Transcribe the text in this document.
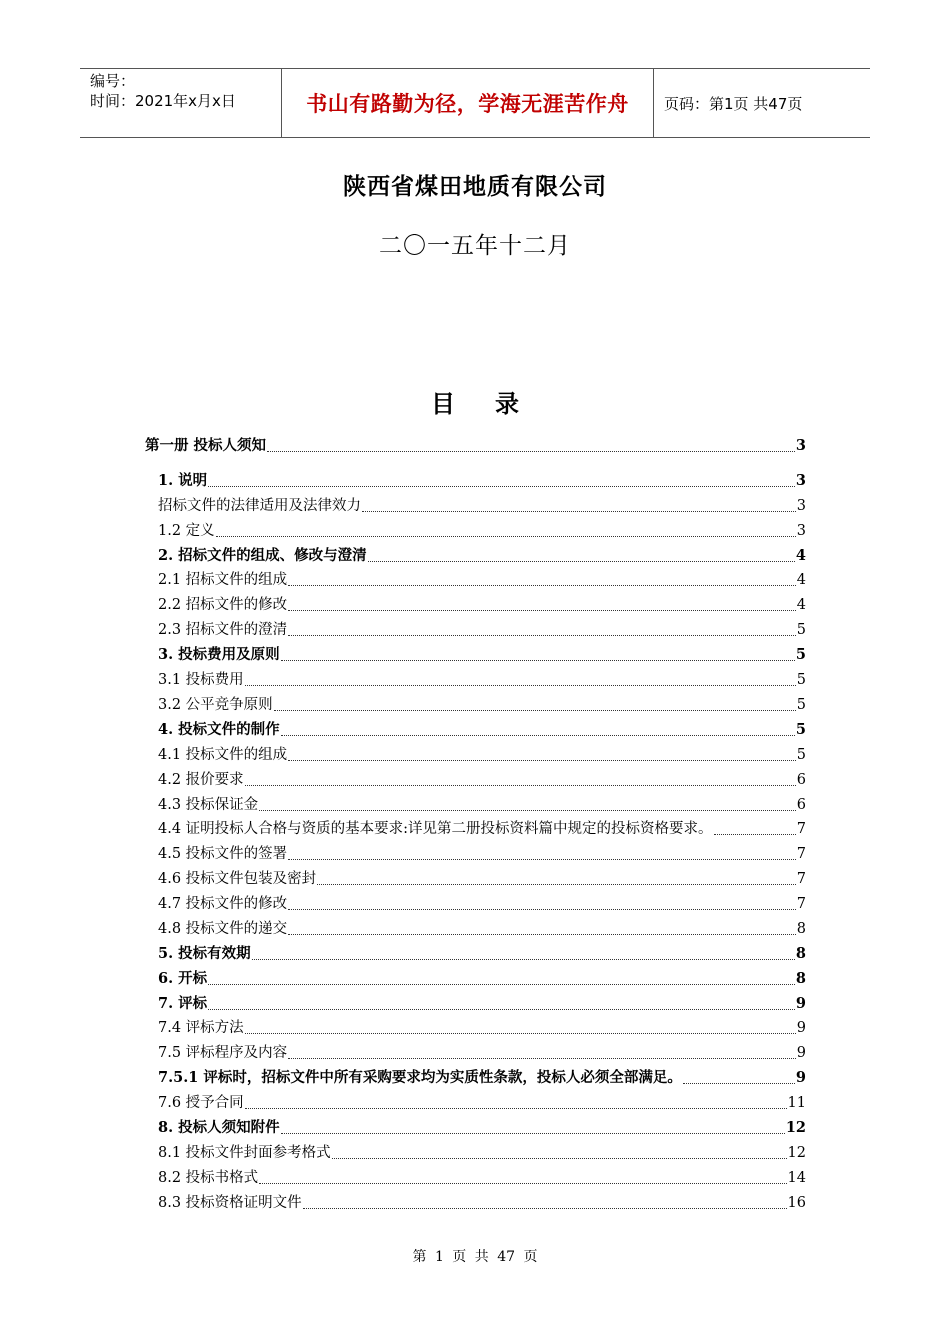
编号：
时间：2021年x月x日	书山有路勤为径，学海无涯苦作舟	页码：第1页 共47页
陕西省煤田地质有限公司
二〇一五年十二月
目录
第一册 投标人须知	3
1. 说明	3
招标文件的法律适用及法律效力	3
1.2 定义	3
2. 招标文件的组成、修改与澄清	4
2.1 招标文件的组成	4
2.2 招标文件的修改	4
2.3 招标文件的澄清	5
3. 投标费用及原则	5
3.1 投标费用	5
3.2 公平竞争原则	5
4. 投标文件的制作	5
4.1 投标文件的组成	5
4.2 报价要求	6
4.3 投标保证金	6
4.4 证明投标人合格与资质的基本要求:详见第二册投标资料篇中规定的投标资格要求。	7
4.5 投标文件的签署	7
4.6 投标文件包装及密封	7
4.7 投标文件的修改	7
4.8 投标文件的递交	8
5. 投标有效期	8
6. 开标	8
7. 评标	9
7.4 评标方法	9
7.5 评标程序及内容	9
7.5.1 评标时，招标文件中所有采购要求均为实质性条款，投标人必须全部满足。	9
7.6 授予合同	11
8. 投标人须知附件	12
8.1 投标文件封面参考格式	12
8.2 投标书格式	14
8.3 投标资格证明文件	16
第 1 页 共 47 页
